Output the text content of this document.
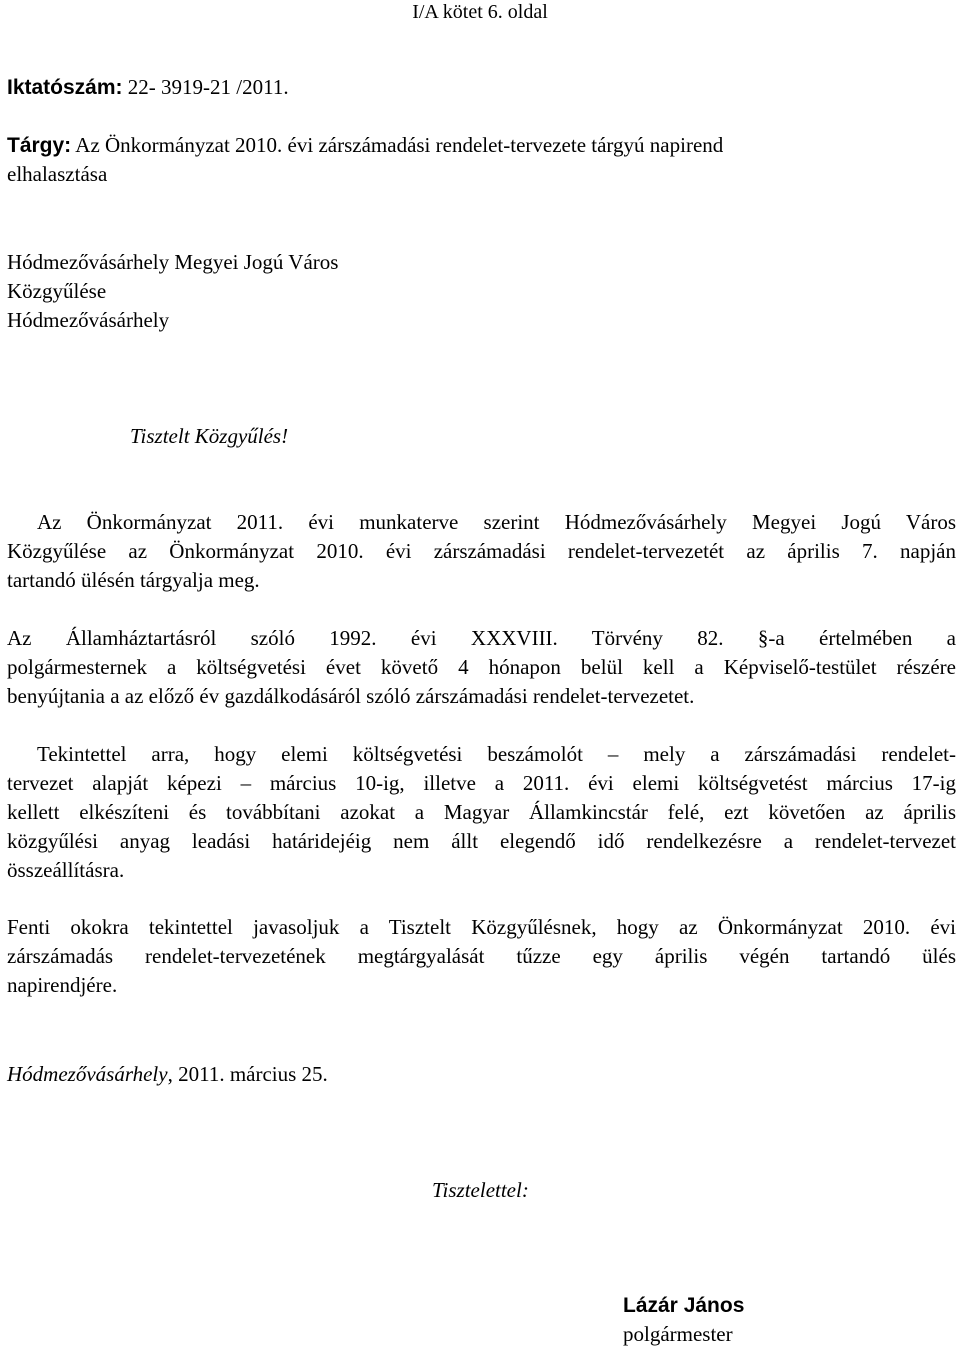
I/A kötet 6. oldal
Iktatószám: 22- 3919-21 /2011.
Tárgy: Az Önkormányzat 2010. évi zárszámadási rendelet-tervezete tárgyú napirend
elhalasztása
Hódmezővásárhely Megyei Jogú Város
Közgyűlése
Hódmezővásárhely
Tisztelt Közgyűlés!
Az Önkormányzat 2011. évi munkaterve szerint Hódmezővásárhely Megyei Jogú Város
Közgyűlése az Önkormányzat 2010. évi zárszámadási rendelet-tervezetét az április 7. napján
tartandó ülésén tárgyalja meg.
Az Államháztartásról szóló 1992. évi XXXVIII. Törvény 82. §-a értelmében a
polgármesternek a költségvetési évet követő 4 hónapon belül kell a Képviselő-testület részére
benyújtania a az előző év gazdálkodásáról szóló zárszámadási rendelet-tervezetet.
Tekintettel arra, hogy elemi költségvetési beszámolót – mely a zárszámadási rendelet-
tervezet alapját képezi – március 10-ig, illetve a 2011. évi elemi költségvetést március 17-ig
kellett elkészíteni és továbbítani azokat a Magyar Államkincstár felé, ezt követően az április
közgyűlési anyag leadási határidejéig nem állt elegendő idő rendelkezésre a rendelet-tervezet
összeállításra.
Fenti okokra tekintettel javasoljuk a Tisztelt Közgyűlésnek, hogy az Önkormányzat 2010. évi
zárszámadás rendelet-tervezetének megtárgyalását tűzze egy április végén tartandó ülés
napirendjére.
Hódmezővásárhely, 2011. március 25.
Tisztelettel:
Lázár János
polgármester
